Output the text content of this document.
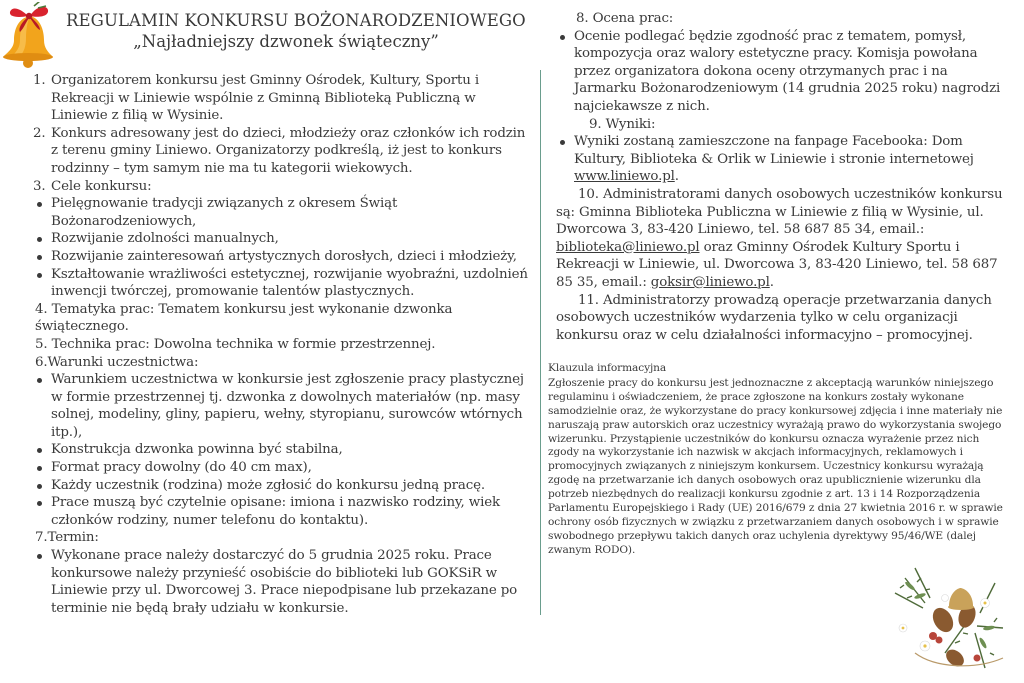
REGULAMIN KONKURSU BOŻONARODZENIOWEGO
„Najładniejszy dzwonek świąteczny”

1. Organizatorem konkursu jest Gminny Ośrodek, Kultury, Sportu i Rekreacji w Liniewie wspólnie z Gminną Biblioteką Publiczną w Liniewie z filią w Wysinie.

2. Konkurs adresowany jest do dzieci, młodzieży oraz członków ich rodzin z terenu gminy Liniewo. Organizatorzy podkreślą, iż jest to konkurs rodzinny – tym samym nie ma tu kategorii wiekowych.

3. Cele konkursu:

Pielęgnowanie tradycji związanych z okresem Świąt Bożonarodzeniowych,

Rozwijanie zdolności manualnych,

Rozwijanie zainteresowań artystycznych dorosłych, dzieci i młodzieży,

Kształtowanie wrażliwości estetycznej, rozwijanie wyobraźni, uzdolnień inwencji twórczej, promowanie talentów plastycznych.

4. Tematyka prac: Tematem konkursu jest wykonanie dzwonka świątecznego.

5. Technika prac: Dowolna technika w formie przestrzennej.

6.Warunki uczestnictwa:

Warunkiem uczestnictwa w konkursie jest zgłoszenie pracy plastycznej w formie przestrzennej tj. dzwonka z dowolnych materiałów (np. masy solnej, modeliny, gliny, papieru, wełny, styropianu, surowców wtórnych itp.),

Konstrukcja dzwonka powinna być stabilna,

Format pracy dowolny (do 40 cm max),

Każdy uczestnik (rodzina) może zgłosić do konkursu jedną pracę.

Prace muszą być czytelnie opisane: imiona i nazwisko rodziny, wiek członków rodziny, numer telefonu do kontaktu).

7.Termin:

Wykonane prace należy dostarczyć do 5 grudnia 2025 roku. Prace konkursowe należy przynieść osobiście do biblioteki lub GOKSiR w Liniewie przy ul. Dworcowej 3. Prace niepodpisane lub przekazane po terminie nie będą brały udziału w konkursie.

8. Ocena prac:

Ocenie podlegać będzie zgodność prac z tematem, pomysł, kompozycja oraz walory estetyczne pracy. Komisja powołana przez organizatora dokona oceny otrzymanych prac i na Jarmarku Bożonarodzeniowym (14 grudnia 2025 roku) nagrodzi najciekawsze z nich.

9. Wyniki:

Wyniki zostaną zamieszczone na fanpage Facebooka: Dom Kultury, Biblioteka & Orlik w Liniewie i stronie internetowej www.liniewo.pl.

10. Administratorami danych osobowych uczestników konkursu są: Gminna Biblioteka Publiczna w Liniewie z filią w Wysinie, ul. Dworcowa 3, 83-420 Liniewo, tel. 58 687 85 34, email.: biblioteka@liniewo.pl oraz Gminny Ośrodek Kultury Sportu i Rekreacji w Liniewie, ul. Dworcowa 3, 83-420 Liniewo, tel. 58 687 85 35, email.: goksir@liniewo.pl.

11. Administratorzy prowadzą operacje przetwarzania danych osobowych uczestników wydarzenia tylko w celu organizacji konkursu oraz w celu działalności informacyjno – promocyjnej.

Klauzula informacyjna

Zgłoszenie pracy do konkursu jest jednoznaczne z akceptacją warunków niniejszego regulaminu i oświadczeniem, że prace zgłoszone na konkurs zostały wykonane samodzielnie oraz, że wykorzystane do pracy konkursowej zdjęcia i inne materiały nie naruszają praw autorskich oraz uczestnicy wyrażają prawo do wykorzystania swojego wizerunku. Przystąpienie uczestników do konkursu oznacza wyrażenie przez nich zgody na wykorzystanie ich nazwisk w akcjach informacyjnych, reklamowych i promocyjnych związanych z niniejszym konkursem. Uczestnicy konkursu wyrażają zgodę na przetwarzanie ich danych osobowych oraz upublicznienie wizerunku dla potrzeb niezbędnych do realizacji konkursu zgodnie z art. 13 i 14 Rozporządzenia Parlamentu Europejskiego i Rady (UE) 2016/679 z dnia 27 kwietnia 2016 r. w sprawie ochrony osób fizycznych w związku z przetwarzaniem danych osobowych i w sprawie swobodnego przepływu takich danych oraz uchylenia dyrektywy 95/46/WE (dalej zwanym RODO).
